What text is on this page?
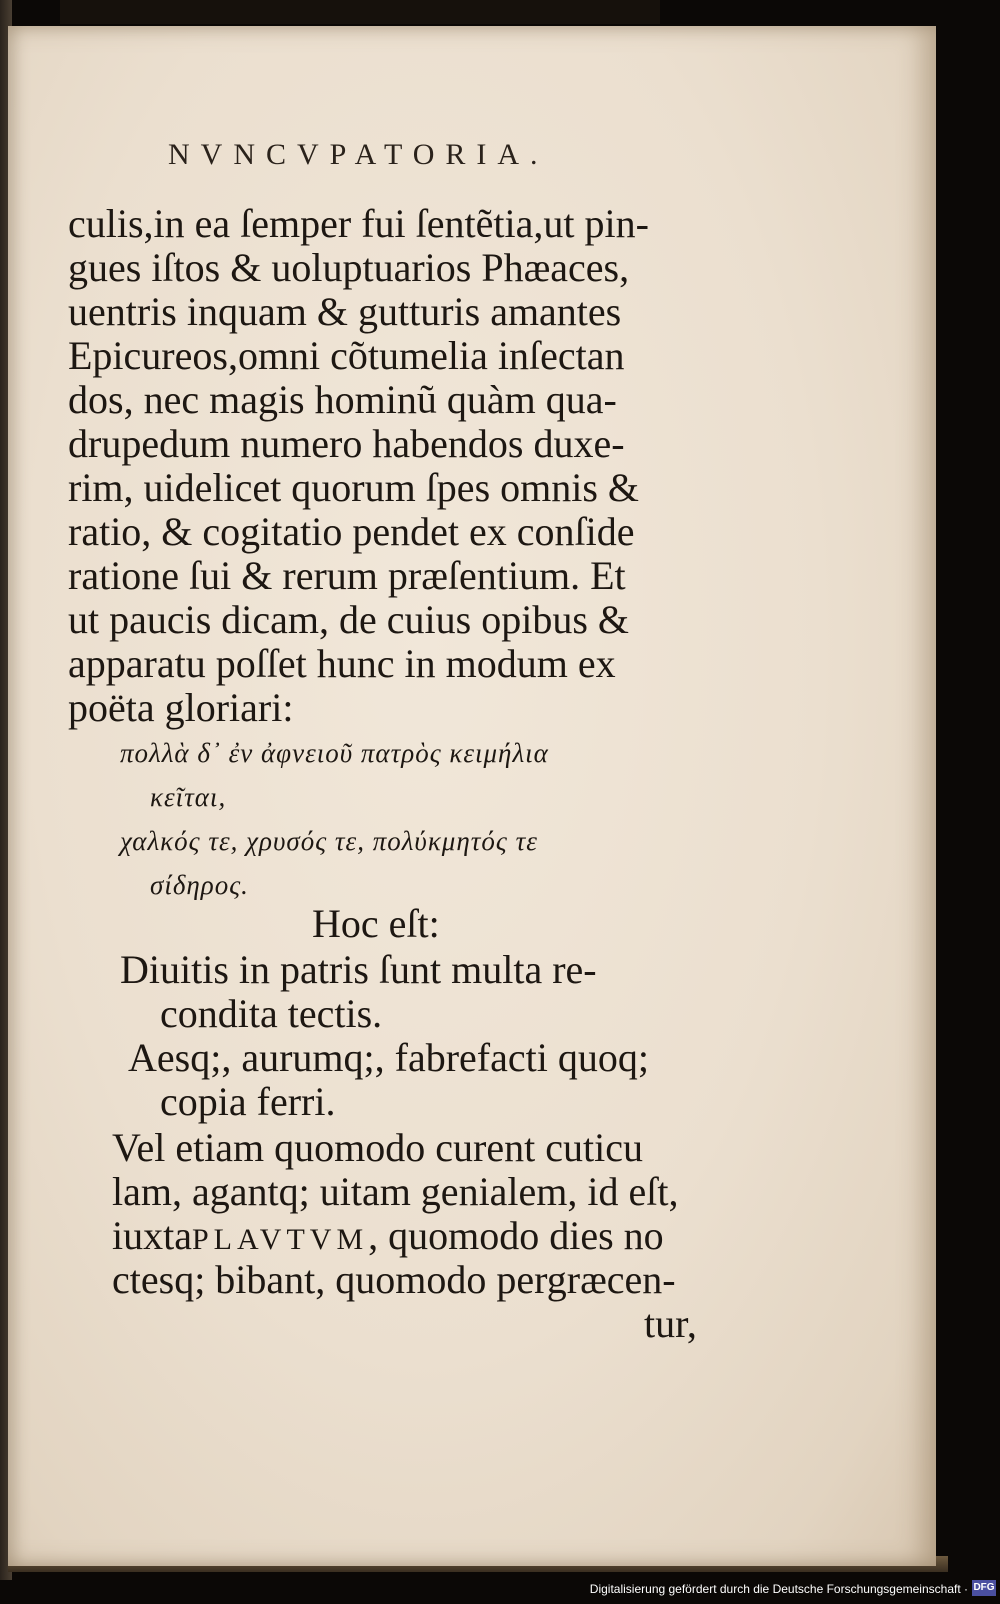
NVNCVPATORIA.
culis,in ea ſemper fui ſentẽtia,ut pin-
gues iſtos & uoluptuarios Phæaces,
uentris inquam & gutturis amantes
Epicureos,omni cõtumelia inſectan
dos, nec magis hominũ quàm qua-
drupedum numero habendos duxe-
rim, uidelicet quorum ſpes omnis &
ratio, & cogitatio pendet ex conſide
ratione ſui & rerum præſentium. Et
ut paucis dicam, de cuius opibus &
apparatu poſſet hunc in modum ex
poëta gloriari:
πολλὰ δ᾽ ἐν ἀφνειοῦ πατρὸς κειμήλια
κεῖται,
χαλκός τε, χρυσός τε, πολύκμητός τε
σίδηρος.
Hoc eſt:
Diuitis in patris ſunt multa re-
condita tectis.
Aesq;, aurumq;, fabrefacti quoq;
copia ferri.
Vel etiam quomodo curent cuticu
lam, agantq; uitam genialem, id eſt,
iuxtaPLAVTVM, quomodo dies no
ctesq; bibant, quomodo pergræcen-
tur,
Digitalisierung gefördert durch die Deutsche Forschungsgemeinschaft · DFG
